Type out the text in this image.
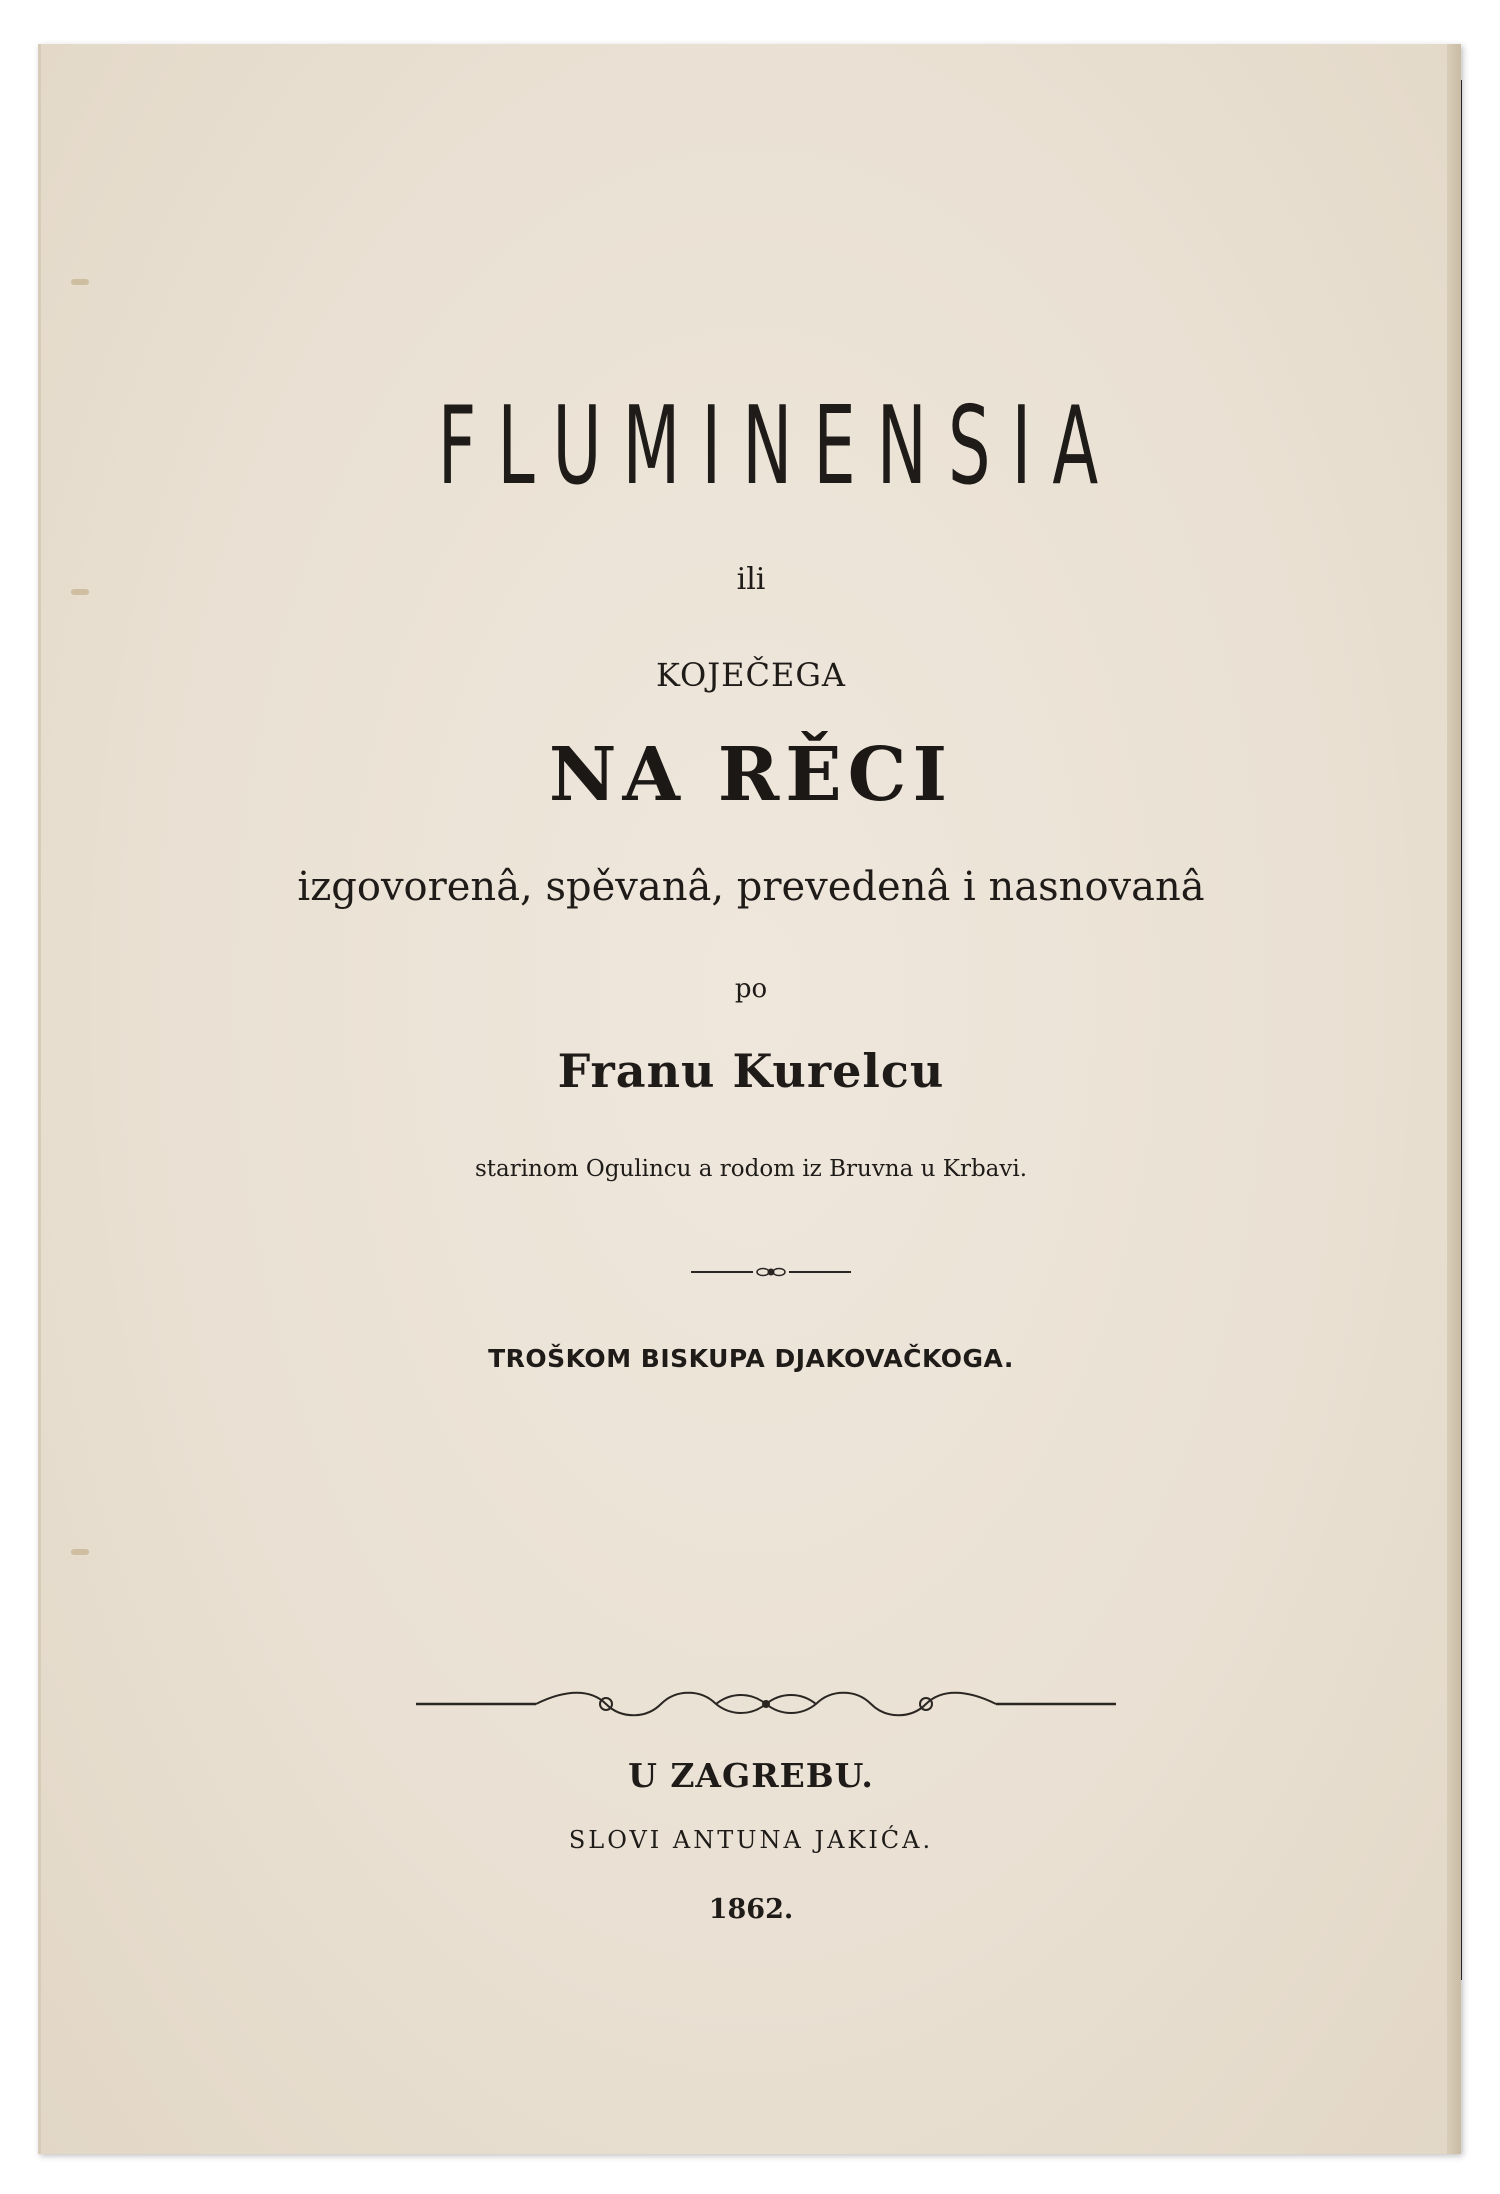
FLUMINENSIA
ili
KOJEČEGA
NA RĚCI
izgovorenâ, spěvanâ, prevedenâ i nasnovanâ
po
Franu Kurelcu
starinom Ogulincu a rodom iz Bruvna u Krbavi.
TROŠKOM BISKUPA DJAKOVAČKOGA.
U ZAGREBU.
SLOVI ANTUNA JAKIĆA.
1862.
